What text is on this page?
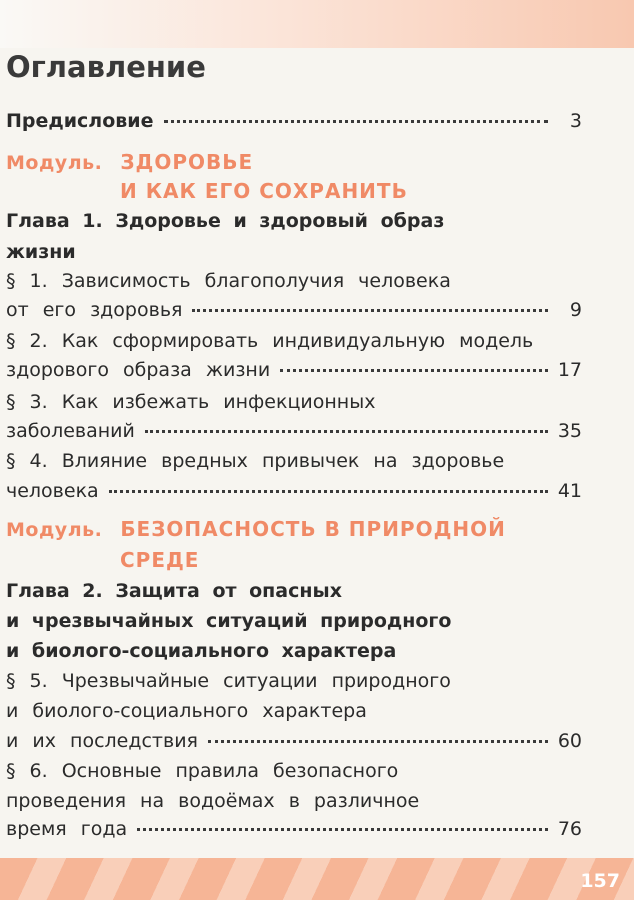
Оглавление
Предисловие	3
Модуль. ЗДОРОВЬЕ
И КАК ЕГО СОХРАНИТЬ
Глава 1. Здоровье и здоровый образ
жизни
§ 1. Зависимость благополучия человека
от его здоровья	9
§ 2. Как сформировать индивидуальную модель
здорового образа жизни	17
§ 3. Как избежать инфекционных
заболеваний	35
§ 4. Влияние вредных привычек на здоровье
человека	41
Модуль. БЕЗОПАСНОСТЬ В ПРИРОДНОЙ
СРЕДЕ
Глава 2. Защита от опасных
и чрезвычайных ситуаций природного
и биолого-социального характера
§ 5. Чрезвычайные ситуации природного
и биолого-социального характера
и их последствия	60
§ 6. Основные правила безопасного
проведения на водоёмах в различное
время года	76
157
